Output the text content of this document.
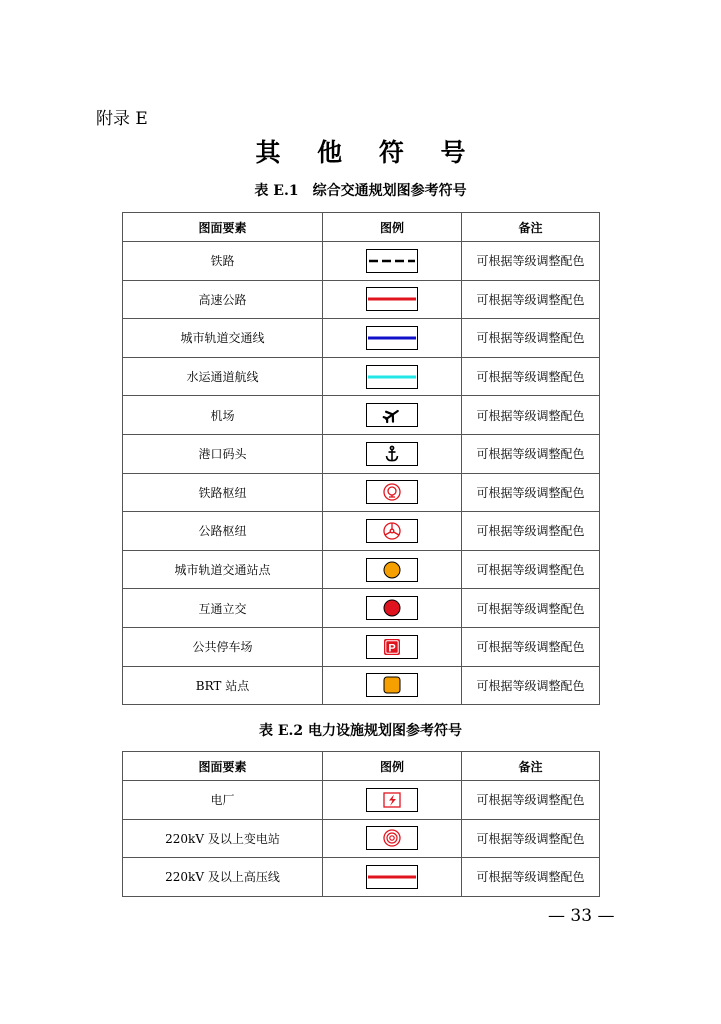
附录 E
其 他 符 号
表 E.1　综合交通规划图参考符号
图面要素	图例	备注
铁路		可根据等级调整配色
高速公路		可根据等级调整配色
城市轨道交通线		可根据等级调整配色
水运通道航线		可根据等级调整配色
机场		可根据等级调整配色
港口码头		可根据等级调整配色
铁路枢纽		可根据等级调整配色
公路枢纽		可根据等级调整配色
城市轨道交通站点		可根据等级调整配色
互通立交		可根据等级调整配色
公共停车场	P	可根据等级调整配色
BRT 站点		可根据等级调整配色
表 E.2 电力设施规划图参考符号
图面要素	图例	备注
电厂		可根据等级调整配色
220kV 及以上变电站		可根据等级调整配色
220kV 及以上高压线		可根据等级调整配色
— 33 —
